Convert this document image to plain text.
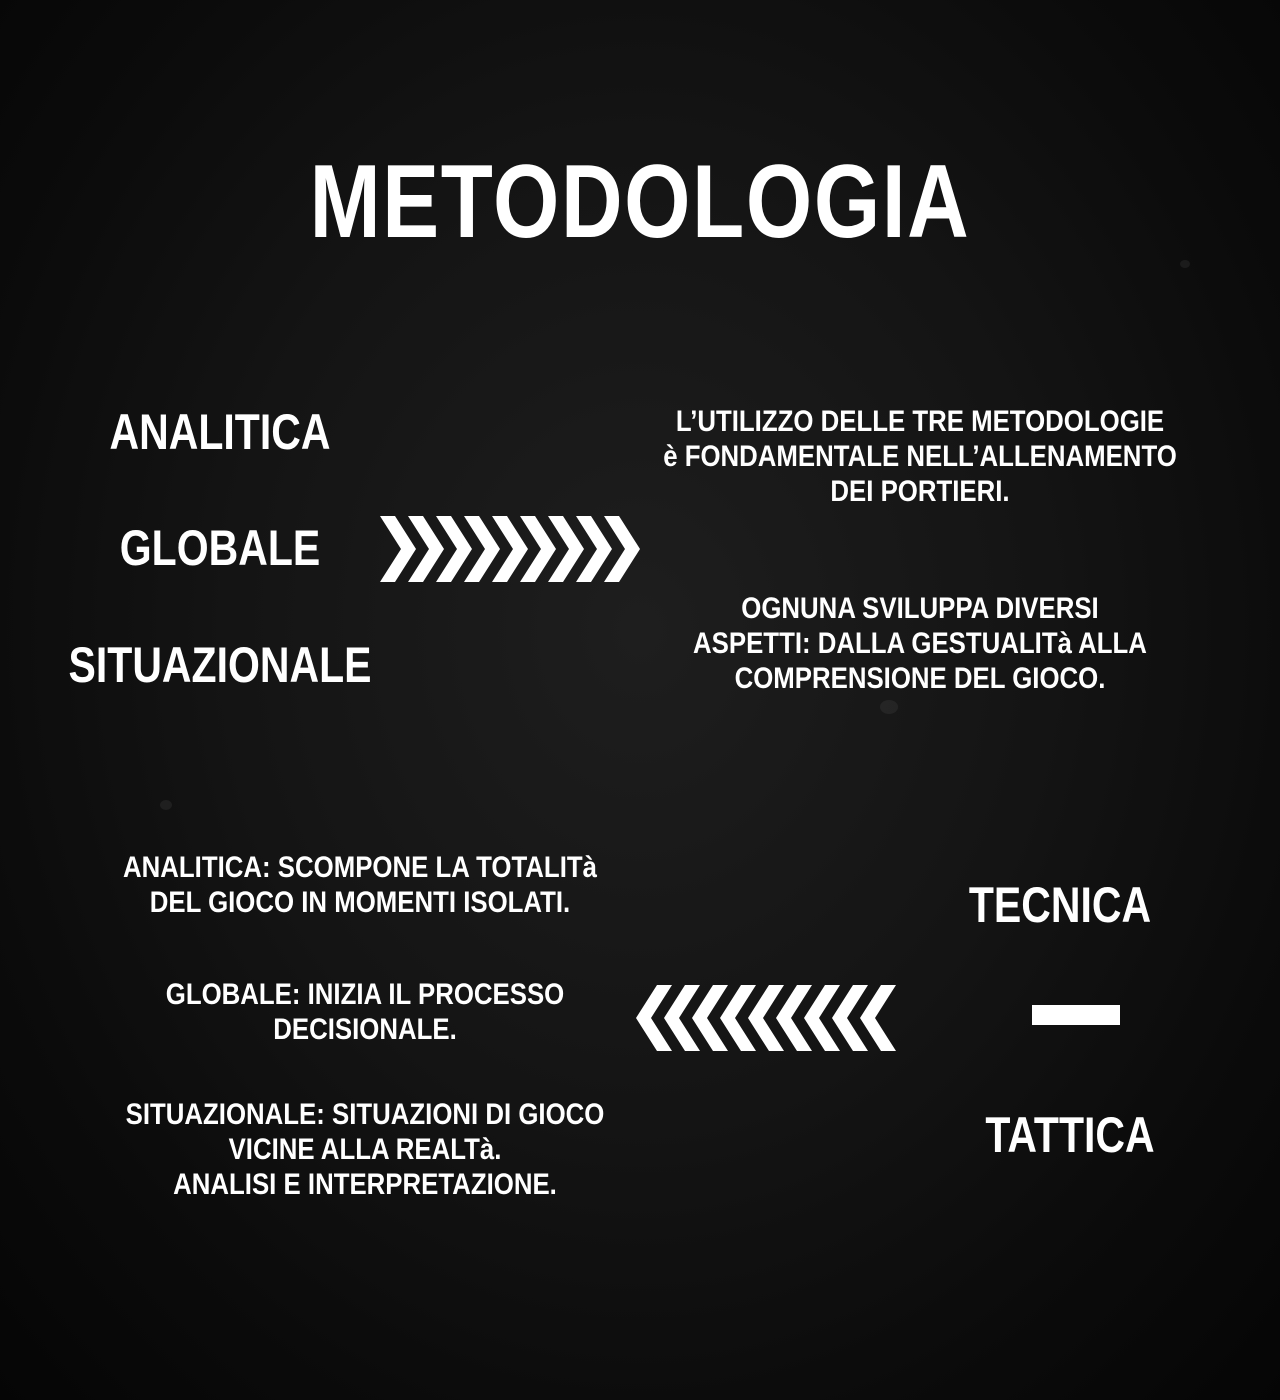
METODOLOGIA
ANALITICA
GLOBALE
SITUAZIONALE
L’UTILIZZO DELLE TRE METODOLOGIE
è FONDAMENTALE NELL’ALLENAMENTO
DEI PORTIERI.
OGNUNA SVILUPPA DIVERSI
ASPETTI: DALLA GESTUALITà ALLA
COMPRENSIONE DEL GIOCO.
ANALITICA: SCOMPONE LA TOTALITà
DEL GIOCO IN MOMENTI ISOLATI.
GLOBALE: INIZIA IL PROCESSO
DECISIONALE.
SITUAZIONALE: SITUAZIONI DI GIOCO
VICINE ALLA REALTà.
ANALISI E INTERPRETAZIONE.
TECNICA
TATTICA
